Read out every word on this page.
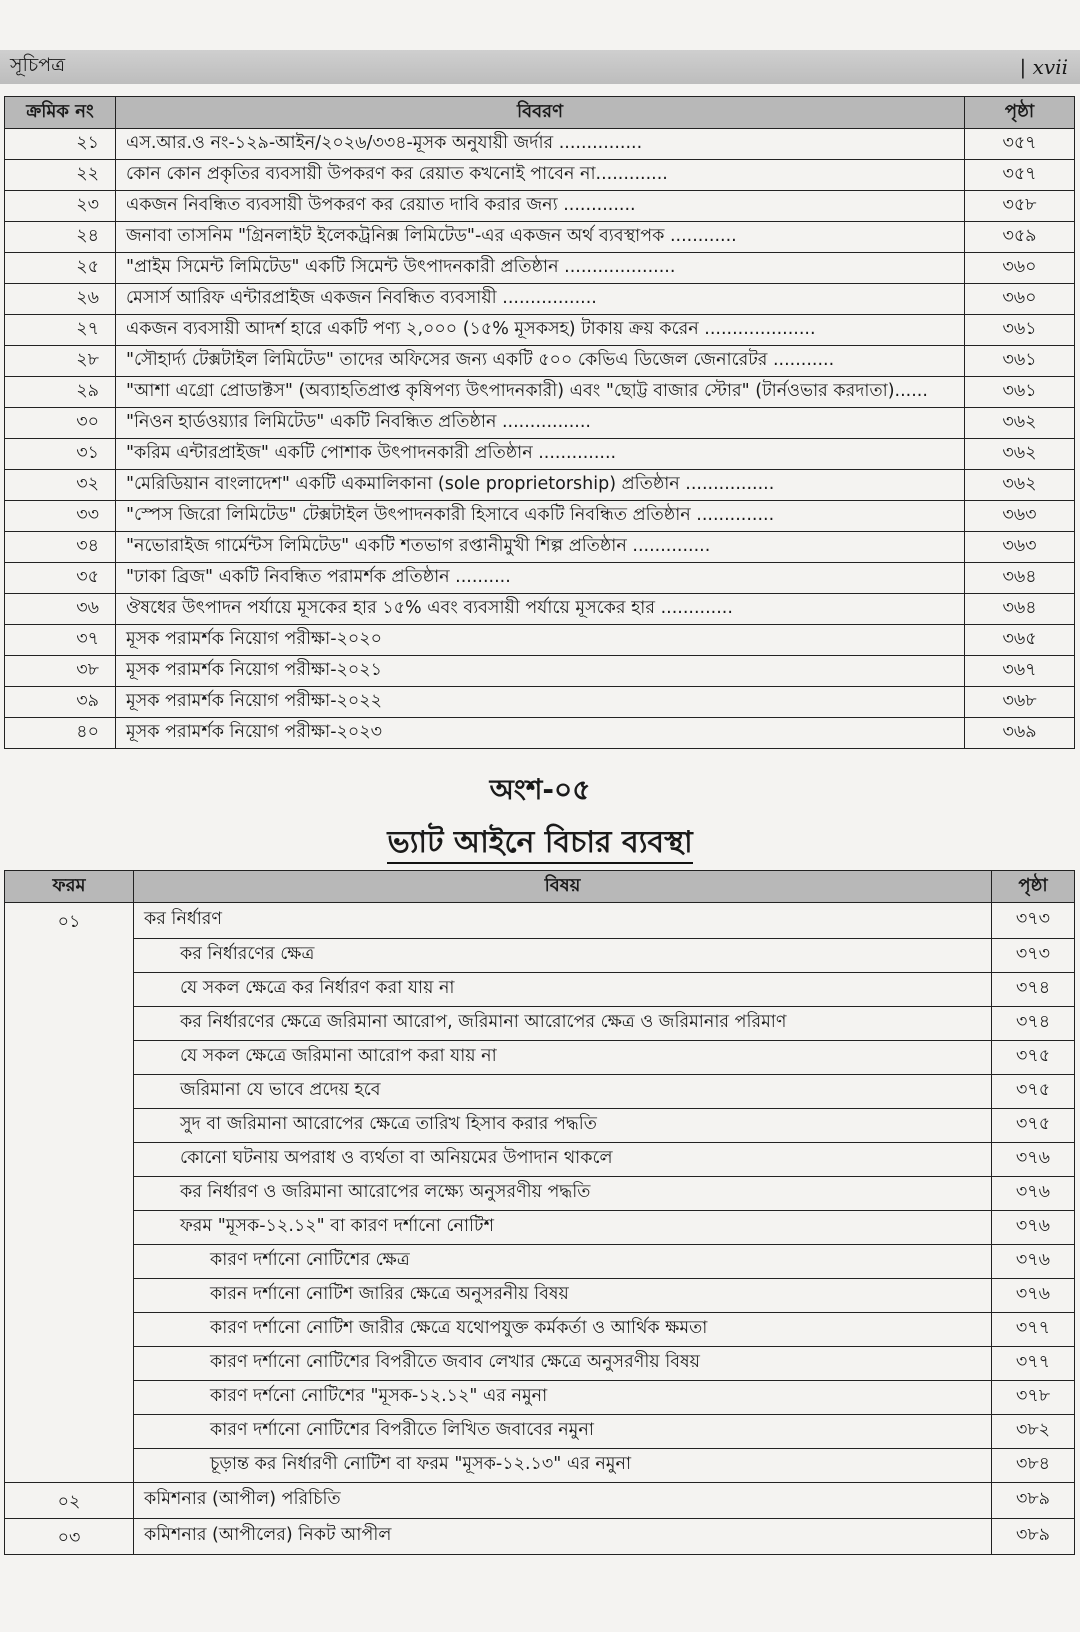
সূচিপত্র	| xvii
ক্রমিক নং	বিবরণ	পৃষ্ঠা
২১	এস.আর.ও নং-১২৯-আইন/২০২৬/৩৩৪-মূসক অনুযায়ী জর্দার ...............	৩৫৭
২২	কোন কোন প্রকৃতির ব্যবসায়ী উপকরণ কর রেয়াত কখনোই পাবেন না.............	৩৫৭
২৩	একজন নিবন্ধিত ব্যবসায়ী উপকরণ কর রেয়াত দাবি করার জন্য .............	৩৫৮
২৪	জনাবা তাসনিম "গ্রিনলাইট ইলেকট্রনিক্স লিমিটেড"-এর একজন অর্থ ব্যবস্থাপক ............	৩৫৯
২৫	"প্রাইম সিমেন্ট লিমিটেড" একটি সিমেন্ট উৎপাদনকারী প্রতিষ্ঠান ....................	৩৬০
২৬	মেসার্স আরিফ এন্টারপ্রাইজ একজন নিবন্ধিত ব্যবসায়ী .................	৩৬০
২৭	একজন ব্যবসায়ী আদর্শ হারে একটি পণ্য ২,০০০ (১৫% মূসকসহ) টাকায় ক্রয় করেন ....................	৩৬১
২৮	"সৌহার্দ্য টেক্সটাইল লিমিটেড" তাদের অফিসের জন্য একটি ৫০০ কেভিএ ডিজেল জেনারেটর ...........	৩৬১
২৯	"আশা এগ্রো প্রোডাক্টস" (অব্যাহতিপ্রাপ্ত কৃষিপণ্য উৎপাদনকারী) এবং "ছোট্ট বাজার স্টোর" (টার্নওভার করদাতা)......	৩৬১
৩০	"নিওন হার্ডওয়্যার লিমিটেড" একটি নিবন্ধিত প্রতিষ্ঠান ................	৩৬২
৩১	"করিম এন্টারপ্রাইজ" একটি পোশাক উৎপাদনকারী প্রতিষ্ঠান ..............	৩৬২
৩২	"মেরিডিয়ান বাংলাদেশ" একটি একমালিকানা (sole proprietorship) প্রতিষ্ঠান ................	৩৬২
৩৩	"স্পেস জিরো লিমিটেড" টেক্সটাইল উৎপাদনকারী হিসাবে একটি নিবন্ধিত প্রতিষ্ঠান ..............	৩৬৩
৩৪	"নভোরাইজ গার্মেন্টস লিমিটেড" একটি শতভাগ রপ্তানীমুখী শিল্প প্রতিষ্ঠান ..............	৩৬৩
৩৫	"ঢাকা ব্রিজ" একটি নিবন্ধিত পরামর্শক প্রতিষ্ঠান ..........	৩৬৪
৩৬	ঔষধের উৎপাদন পর্যায়ে মূসকের হার ১৫% এবং ব্যবসায়ী পর্যায়ে মূসকের হার .............	৩৬৪
৩৭	মূসক পরামর্শক নিয়োগ পরীক্ষা-২০২০	৩৬৫
৩৮	মূসক পরামর্শক নিয়োগ পরীক্ষা-২০২১	৩৬৭
৩৯	মূসক পরামর্শক নিয়োগ পরীক্ষা-২০২২	৩৬৮
৪০	মূসক পরামর্শক নিয়োগ পরীক্ষা-২০২৩	৩৬৯
অংশ-০৫
ভ্যাট আইনে বিচার ব্যবস্থা
ফরম	বিষয়	পৃষ্ঠা
০১	কর নির্ধারণ	৩৭৩
	কর নির্ধারণের ক্ষেত্র	৩৭৩
	যে সকল ক্ষেত্রে কর নির্ধারণ করা যায় না	৩৭৪
	কর নির্ধারণের ক্ষেত্রে জরিমানা আরোপ, জরিমানা আরোপের ক্ষেত্র ও জরিমানার পরিমাণ	৩৭৪
	যে সকল ক্ষেত্রে জরিমানা আরোপ করা যায় না	৩৭৫
	জরিমানা যে ভাবে প্রদেয় হবে	৩৭৫
	সুদ বা জরিমানা আরোপের ক্ষেত্রে তারিখ হিসাব করার পদ্ধতি	৩৭৫
	কোনো ঘটনায় অপরাধ ও ব্যর্থতা বা অনিয়মের উপাদান থাকলে	৩৭৬
	কর নির্ধারণ ও জরিমানা আরোপের লক্ষ্যে অনুসরণীয় পদ্ধতি	৩৭৬
	ফরম "মূসক-১২.১২" বা কারণ দর্শানো নোটিশ	৩৭৬
	কারণ দর্শানো নোটিশের ক্ষেত্র	৩৭৬
	কারন দর্শানো নোটিশ জারির ক্ষেত্রে অনুসরনীয় বিষয়	৩৭৬
	কারণ দর্শানো নোটিশ জারীর ক্ষেত্রে যথোপযুক্ত কর্মকর্তা ও আর্থিক ক্ষমতা	৩৭৭
	কারণ দর্শানো নোটিশের বিপরীতে জবাব লেখার ক্ষেত্রে অনুসরণীয় বিষয়	৩৭৭
	কারণ দর্শনো নোটিশের "মূসক-১২.১২" এর নমুনা	৩৭৮
	কারণ দর্শানো নোটিশের বিপরীতে লিখিত জবাবের নমুনা	৩৮২
	চূড়ান্ত কর নির্ধারণী নোটিশ বা ফরম "মূসক-১২.১৩" এর নমুনা	৩৮৪
০২	কমিশনার (আপীল) পরিচিতি	৩৮৯
০৩	কমিশনার (আপীলের) নিকট আপীল	৩৮৯
